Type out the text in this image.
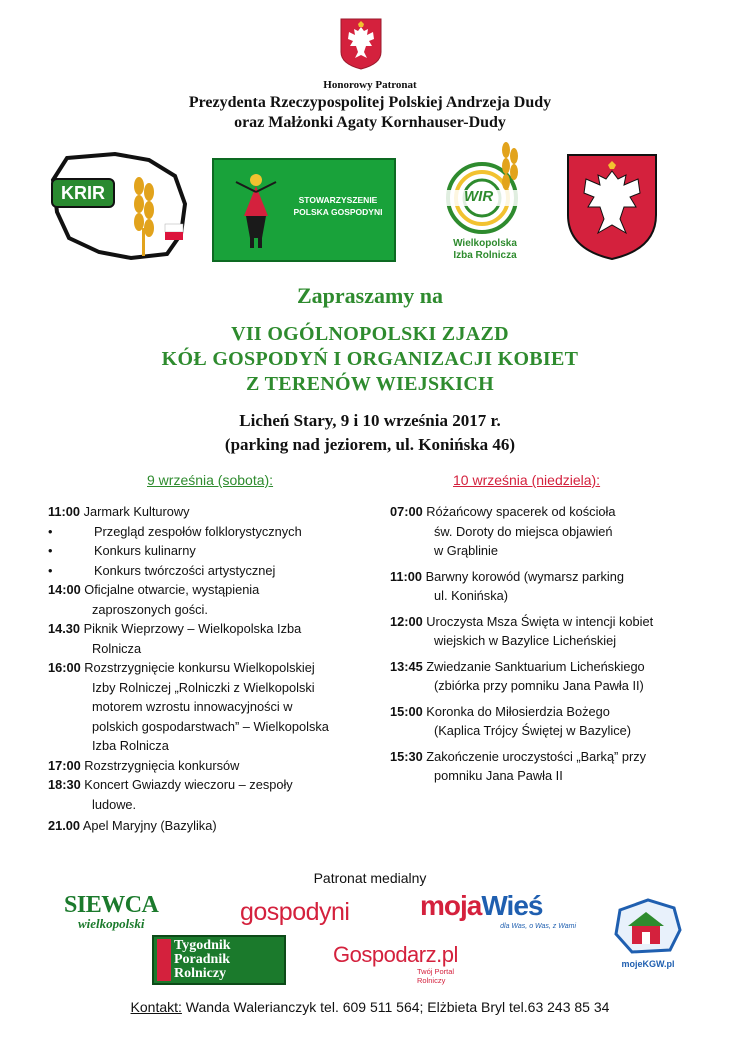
Honorowy Patronat
Prezydenta Rzeczypospolitej Polskiej Andrzeja Dudy
oraz Małżonki Agaty Kornhauser-Dudy
KRIR	STOWARZYSZENIE
POLSKA GOSPODYNI
WIR
Wielkopolska
Izba Rolnicza
Zapraszamy na
VII OGÓLNOPOLSKI ZJAZD
KÓŁ GOSPODYŃ I ORGANIZACJI KOBIET
Z TERENÓW WIEJSKICH
Licheń Stary, 9 i 10 września 2017 r.
(parking nad jeziorem, ul. Konińska 46)
9 września (sobota):	10 września (niedziela):
11:00 Jarmark Kulturowy
•	Przegląd zespołów folklorystycznych
•	Konkurs kulinarny
•	Konkurs twórczości artystycznej
14:00 Oficjalne otwarcie, wystąpienia
zaproszonych gości.
14.30 Piknik Wieprzowy – Wielkopolska Izba
Rolnicza
16:00 Rozstrzygnięcie konkursu Wielkopolskiej
Izby Rolniczej „Rolniczki z Wielkopolski
motorem wzrostu innowacyjności w
polskich gospodarstwach” – Wielkopolska
Izba Rolnicza
17:00 Rozstrzygnięcia konkursów
18:30 Koncert Gwiazdy wieczoru – zespoły
ludowe.
21.00 Apel Maryjny (Bazylika)
07:00 Różańcowy spacerek od kościoła
św. Doroty do miejsca objawień
w Grąblinie
11:00 Barwny korowód (wymarsz parking
ul. Konińska)
12:00 Uroczysta Msza Święta w intencji kobiet
wiejskich w Bazylice Licheńskiej
13:45 Zwiedzanie Sanktuarium Licheńskiego
(zbiórka przy pomniku Jana Pawła II)
15:00 Koronka do Miłosierdzia Bożego
(Kaplica Trójcy Świętej w Bazylice)
15:30 Zakończenie uroczystości „Barką” przy
pomniku Jana Pawła II
Patronat medialny
SIEWCA
wielkopolski	gospodyni	mojaWieś
dla Was, o Was, z Wami
mojeKGW.pl
Tygodnik
Poradnik
Rolniczy
Gospodarz.pl
Twój Portal Rolniczy
Kontakt: Wanda Walerianczyk tel. 609 511 564; Elżbieta Bryl tel.63 243 85 34
